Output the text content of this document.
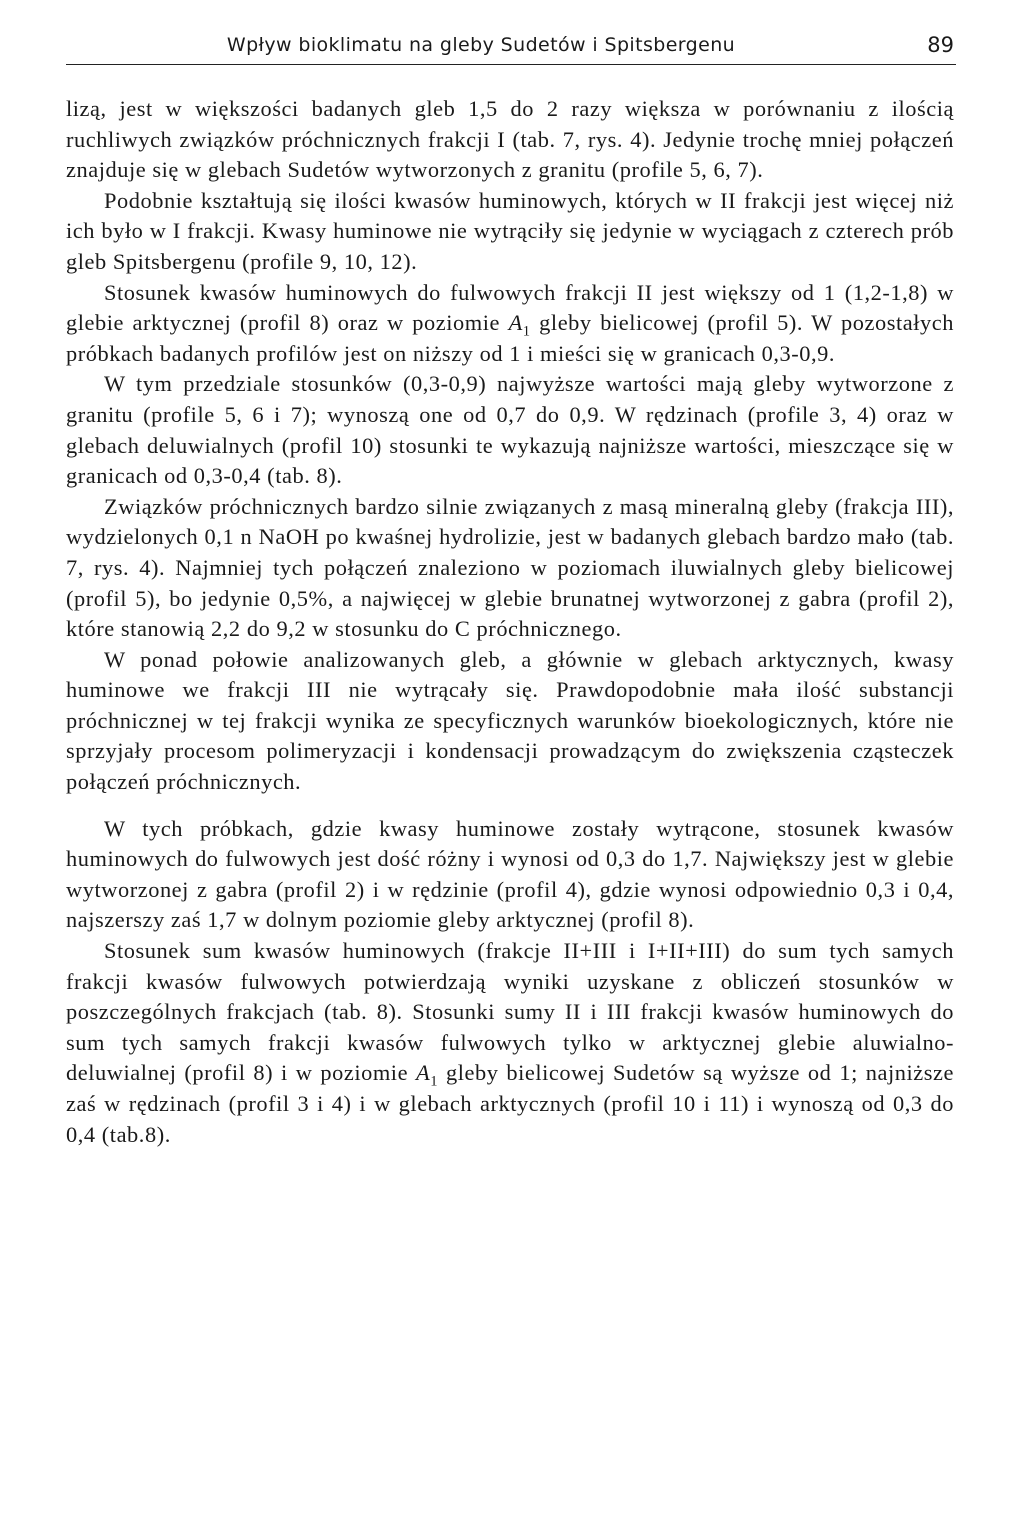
Wpływ bioklimatu na gleby Sudetów i Spitsbergenu	89

lizą, jest w większości badanych gleb 1,5 do 2 razy większa w porównaniu z ilością ruchliwych związków próchnicznych frakcji I (tab. 7, rys. 4). Jedynie trochę mniej połączeń znajduje się w glebach Sudetów wytworzonych z granitu (profile 5, 6, 7).

Podobnie kształtują się ilości kwasów huminowych, których w II frakcji jest więcej niż ich było w I frakcji. Kwasy huminowe nie wytrąciły się jedynie w wyciągach z czterech prób gleb Spitsbergenu (profile 9, 10, 12).

Stosunek kwasów huminowych do fulwowych frakcji II jest większy od 1 (1,2-1,8) w glebie arktycznej (profil 8) oraz w poziomie $A_1$ gleby bielicowej (profil 5). W pozostałych próbkach badanych profilów jest on niższy od 1 i mieści się w granicach 0,3-0,9.

W tym przedziale stosunków (0,3-0,9) najwyższe wartości mają gleby wytworzone z granitu (profile 5, 6 i 7); wynoszą one od 0,7 do 0,9. W rędzinach (profile 3, 4) oraz w glebach deluwialnych (profil 10) stosunki te wykazują najniższe wartości, mieszczące się w granicach od 0,3-0,4 (tab. 8).

Związków próchnicznych bardzo silnie związanych z masą mineralną gleby (frakcja III), wydzielonych 0,1 n NaOH po kwaśnej hydrolizie, jest w badanych glebach bardzo mało (tab. 7, rys. 4). Najmniej tych połączeń znaleziono w poziomach iluwialnych gleby bielicowej (profil 5), bo jedynie 0,5%, a najwięcej w glebie brunatnej wytworzonej z gabra (profil 2), które stanowią 2,2 do 9,2 w stosunku do C próchnicznego.

W ponad połowie analizowanych gleb, a głównie w glebach arktycznych, kwasy huminowe we frakcji III nie wytrącały się. Prawdopodobnie mała ilość substancji próchnicznej w tej frakcji wynika ze specyficznych warunków bioekologicznych, które nie sprzyjały procesom polimeryzacji i kondensacji prowadzącym do zwiększenia cząsteczek połączeń próchnicznych.

W tych próbkach, gdzie kwasy huminowe zostały wytrącone, stosunek kwasów huminowych do fulwowych jest dość różny i wynosi od 0,3 do 1,7. Największy jest w glebie wytworzonej z gabra (profil 2) i w rędzinie (profil 4), gdzie wynosi odpowiednio 0,3 i 0,4, najszerszy zaś 1,7 w dolnym poziomie gleby arktycznej (profil 8).

Stosunek sum kwasów huminowych (frakcje II+III i I+II+III) do sum tych samych frakcji kwasów fulwowych potwierdzają wyniki uzyskane z obliczeń stosunków w poszczególnych frakcjach (tab. 8). Stosunki sumy II i III frakcji kwasów huminowych do sum tych samych frakcji kwasów fulwowych tylko w arktycznej glebie aluwialno-deluwialnej (profil 8) i w poziomie $A_1$ gleby bielicowej Sudetów są wyższe od 1; najniższe zaś w rędzinach (profil 3 i 4) i w glebach arktycznych (profil 10 i 11) i wynoszą od 0,3 do 0,4 (tab.8).
